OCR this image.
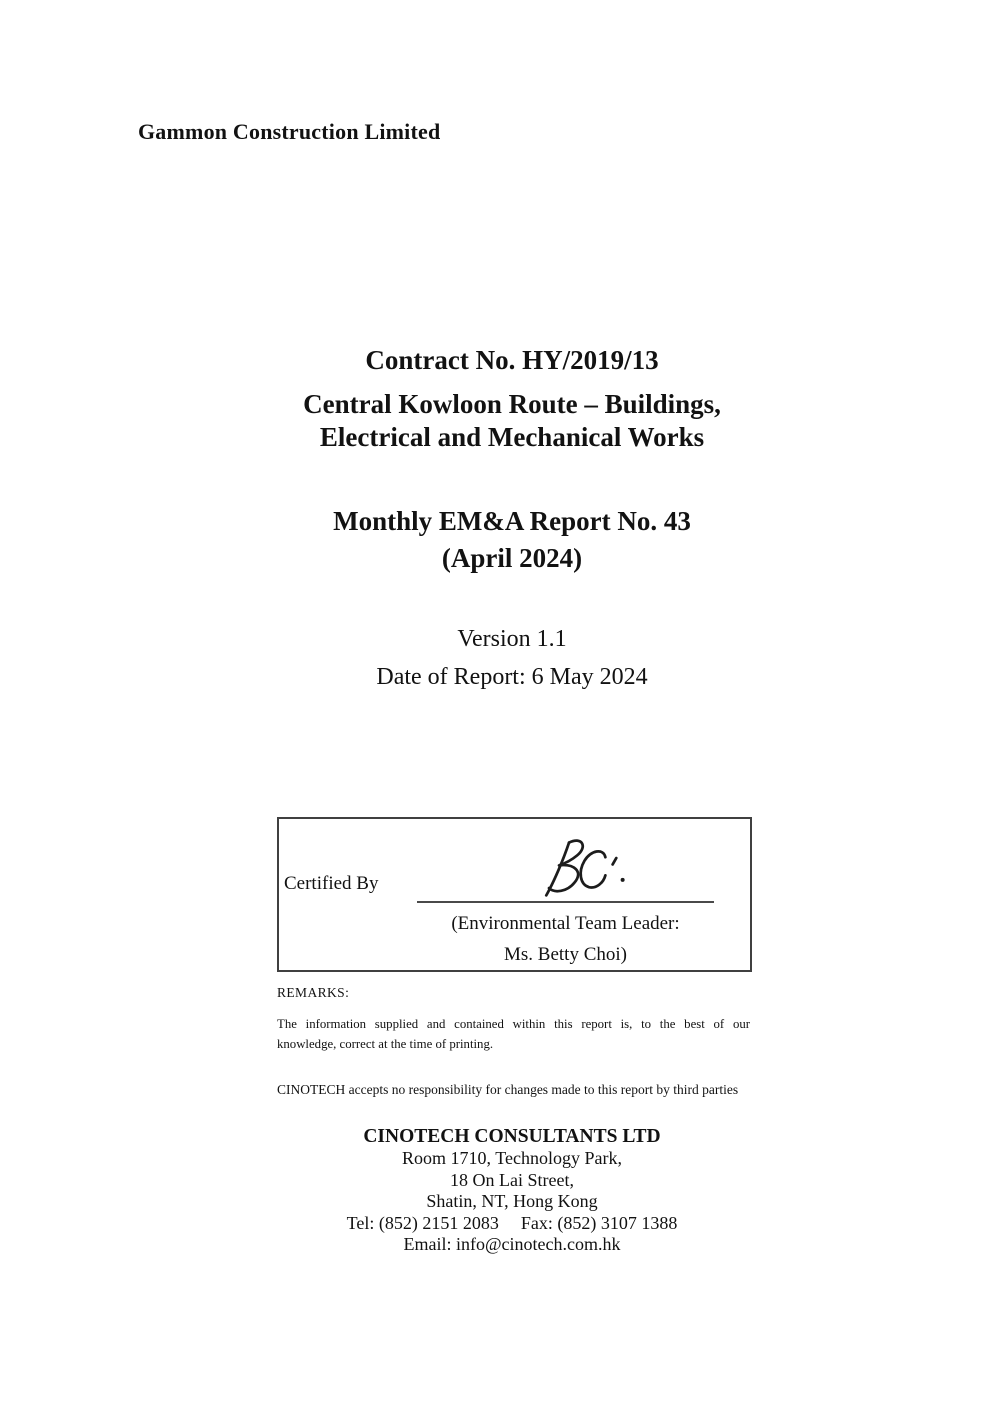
Gammon Construction Limited
Contract No. HY/2019/13
Central Kowloon Route – Buildings,
Electrical and Mechanical Works
Monthly EM&A Report No. 43
(April 2024)
Version 1.1
Date of Report: 6 May 2024
Certified By
(Environmental Team Leader:
Ms. Betty Choi)
REMARKS:
The information supplied and contained within this report is, to the best of our
knowledge, correct at the time of printing.
CINOTECH accepts no responsibility for changes made to this report by third parties
CINOTECH CONSULTANTS LTD
Room 1710, Technology Park,
18 On Lai Street,
Shatin, NT, Hong Kong
Tel: (852) 2151 2083 Fax: (852) 3107 1388
Email: info@cinotech.com.hk
